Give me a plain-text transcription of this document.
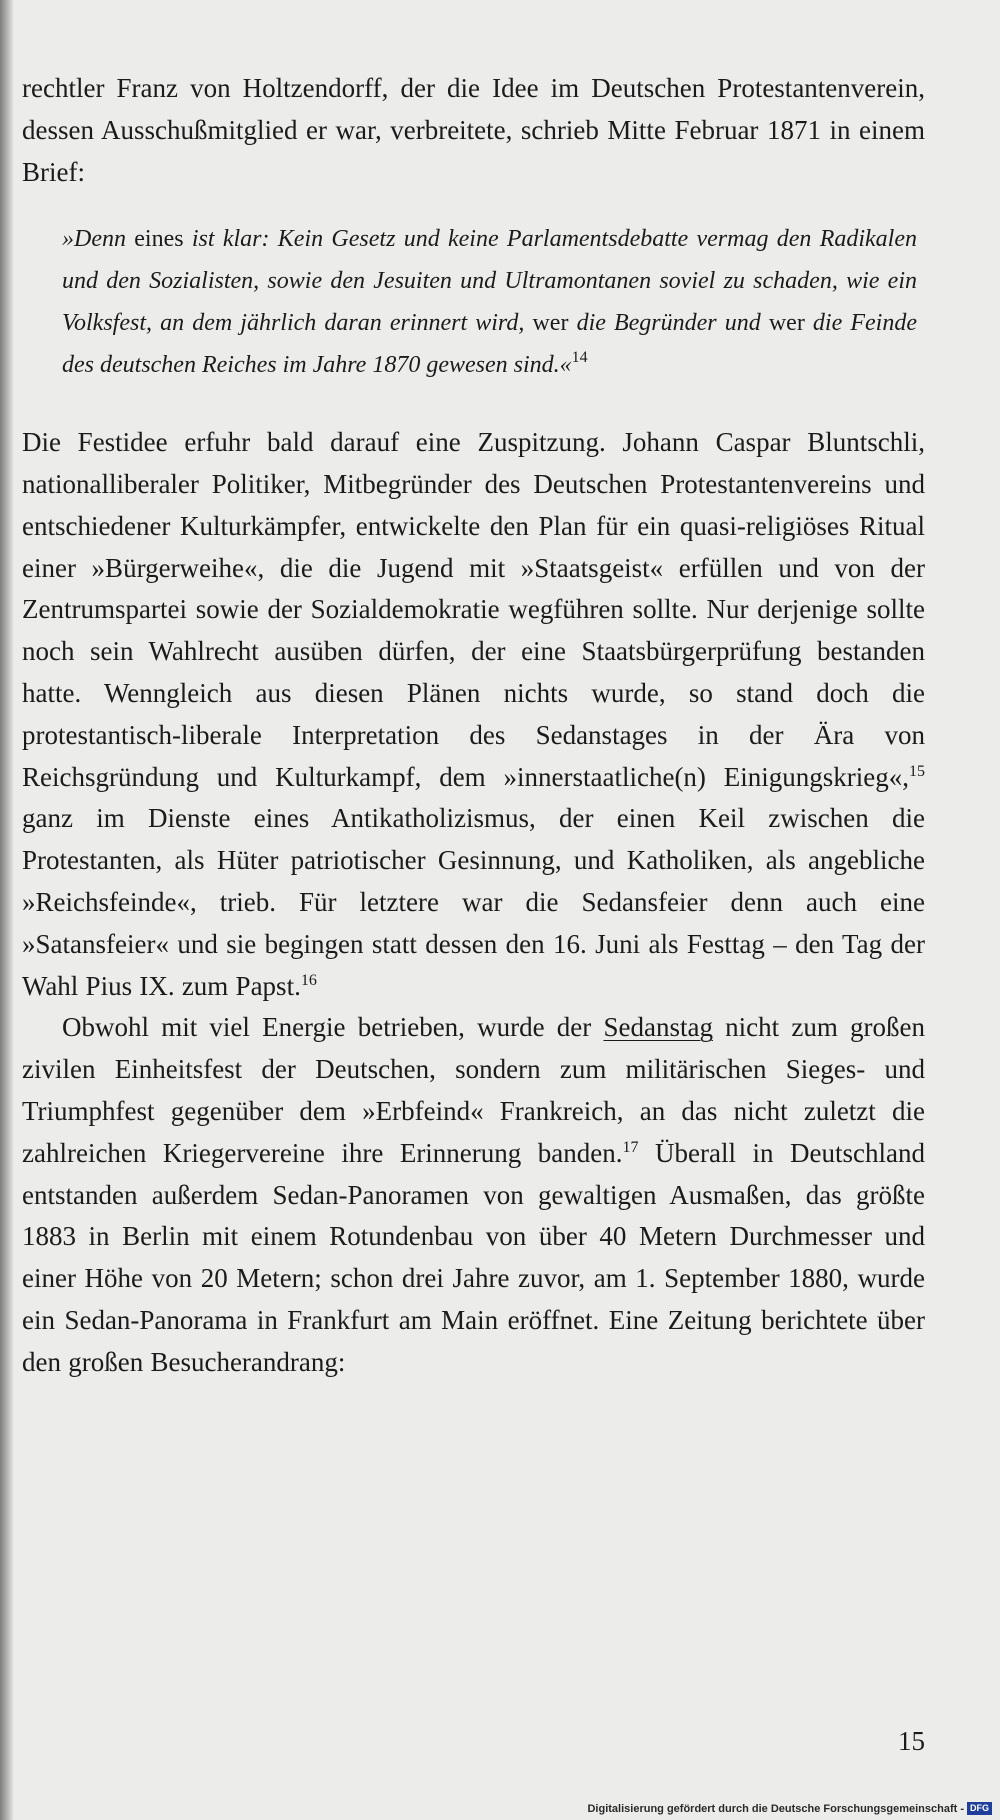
rechtler Franz von Holtzendorff, der die Idee im Deutschen Protestantenverein, dessen Ausschußmitglied er war, verbreitete, schrieb Mitte Februar 1871 in einem Brief:

»Denn eines ist klar: Kein Gesetz und keine Parlamentsdebatte vermag den Radikalen und den Sozialisten, sowie den Jesuiten und Ultramontanen soviel zu schaden, wie ein Volksfest, an dem jährlich daran erinnert wird, wer die Begründer und wer die Feinde des deutschen Reiches im Jahre 1870 gewesen sind.«$^{14}$

Die Festidee erfuhr bald darauf eine Zuspitzung. Johann Caspar Bluntschli, nationalliberaler Politiker, Mitbegründer des Deutschen Protestantenvereins und entschiedener Kulturkämpfer, entwickelte den Plan für ein quasi-religiöses Ritual einer »Bürgerweihe«, die die Jugend mit »Staatsgeist« erfüllen und von der Zentrumspartei sowie der Sozialdemokratie wegführen sollte. Nur derjenige sollte noch sein Wahlrecht ausüben dürfen, der eine Staatsbürgerprüfung bestanden hatte. Wenngleich aus diesen Plänen nichts wurde, so stand doch die protestantisch-liberale Interpretation des Sedanstages in der Ära von Reichsgründung und Kulturkampf, dem »innerstaatliche(n) Einigungskrieg«,$^{15}$ ganz im Dienste eines Antikatholizismus, der einen Keil zwischen die Protestanten, als Hüter patriotischer Gesinnung, und Katholiken, als angebliche »Reichsfeinde«, trieb. Für letztere war die Sedansfeier denn auch eine »Satansfeier« und sie begingen statt dessen den 16. Juni als Festtag – den Tag der Wahl Pius IX. zum Papst.$^{16}$

Obwohl mit viel Energie betrieben, wurde der Sedanstag nicht zum großen zivilen Einheitsfest der Deutschen, sondern zum militärischen Sieges- und Triumphfest gegenüber dem »Erbfeind« Frankreich, an das nicht zuletzt die zahlreichen Kriegervereine ihre Erinnerung banden.$^{17}$ Überall in Deutschland entstanden außerdem Sedan-Panoramen von gewaltigen Ausmaßen, das größte 1883 in Berlin mit einem Rotundenbau von über 40 Metern Durchmesser und einer Höhe von 20 Metern; schon drei Jahre zuvor, am 1. September 1880, wurde ein Sedan-Panorama in Frankfurt am Main eröffnet. Eine Zeitung berichtete über den großen Besucherandrang:

15

Digitalisierung gefördert durch die Deutsche Forschungsgemeinschaft - DFG
